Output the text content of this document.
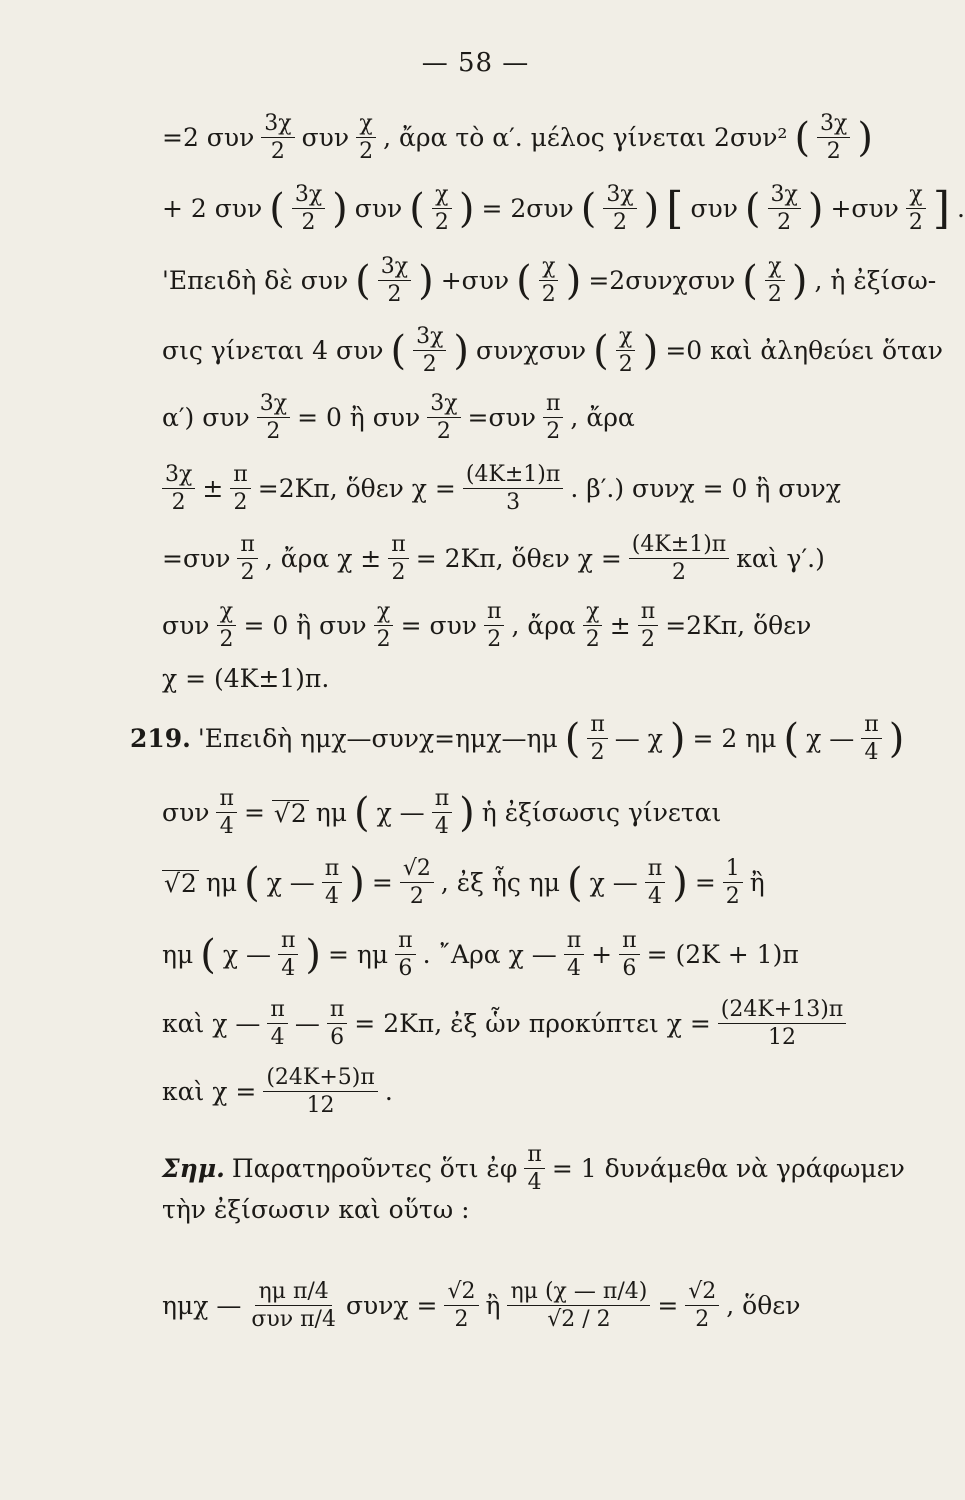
— 58 —
=2 συν $\frac{3\chi}{2}$ συν $\frac{\chi}{2}$ , ἄρα τὸ α′. μέλος γίνεται 2συν² ( $\frac{3\chi}{2}$ )
+ 2 συν ( $\frac{3\chi}{2}$ ) συν ( $\frac{\chi}{2}$ ) = 2συν ( $\frac{3\chi}{2}$ ) [ συν ( $\frac{3\chi}{2}$ ) $+\sigma\upsilon\nu \frac{\chi}{2}$ ] .
'Επειδὴ δὲ συν ( $\frac{3\chi}{2}$ ) +συν ( $\frac{\chi}{2}$ ) =2συνχσυν ( $\frac{\chi}{2}$ ) , ἡ ἐξίσω-
σις γίνεται 4 συν ( $\frac{3\chi}{2}$ ) συνχσυν ( $\frac{\chi}{2}$ ) =0 καὶ ἀληθεύει ὅταν
α′) συν $\frac{3\chi}{2} = 0$ ἢ συν $\frac{3\chi}{2} =\sigma\upsilon\nu \frac{\pi}{2}$ , ἄρα
$\frac{3\chi}{2} \pm \frac{\pi}{2} =2K\pi$, ὅθεν $\chi = \frac{(4K\pm 1)\pi}{3}$ . β′.) συνχ = 0 ἢ συνχ
$=\sigma\upsilon\nu \frac{\pi}{2}$ , ἄρα $\chi \pm \frac{\pi}{2} = 2K\pi$, ὅθεν $\chi = \frac{(4K\pm 1)\pi}{2}$ καὶ γ′.)
συν $\frac{\chi}{2} = 0$ ἢ συν $\frac{\chi}{2} = \sigma\upsilon\nu \frac{\pi}{2}$ , ἄρα $\frac{\chi}{2} \pm \frac{\pi}{2} =2K\pi$, ὅθεν
χ = (4Κ±1)π.
219. 'Επειδὴ ημχ—συνχ=ημχ—ημ ( $\frac{\pi}{2}$ — χ ) = 2 ημ ( χ — $\frac{\pi}{4}$ )
συν $\frac{\pi}{4}$ =
√	2 ημ ( χ — $\frac{\pi}{4}$ ) ἡ ἐξίσωσις γίνεται
√ 2 ημ ( χ — $\frac{\pi}{4}$ ) = $\frac{√2}{2}$ , ἐξ ἧς ημ ( χ — $\frac{\pi}{4}$ ) = $\frac{1}{2}$ ἢ
ημ ( χ — $\frac{\pi}{4}$ ) = ημ $\frac{\pi}{6}$ . ῎Αρα χ — $\frac{\pi}{4} + \frac{\pi}{6} = (2K + 1)\pi$
καὶ χ — $\frac{\pi}{4}$ — $\frac{\pi}{6} = 2K\pi$, ἐξ ὧν προκύπτει $\chi = \frac{(24K+13)\pi}{12}$
καὶ $\chi = \frac{(24K+5)\pi}{12}$ .
Σημ. Παρατηροῦντες ὅτι ἐφ $\frac{\pi}{4} = 1$ δυνάμεθα νὰ γράφωμεν
τὴν ἐξίσωσιν καὶ οὕτω :
ημχ — $\frac{\text{ημ π/4}}{\text{συν π/4}}$ $\sigma\upsilon\nu\chi = \frac{√2}{2}$ ἢ $\frac{\eta\mu (\chi — \pi/4)}{√2 / 2} = \frac{√2}{2}$ , ὅθεν
